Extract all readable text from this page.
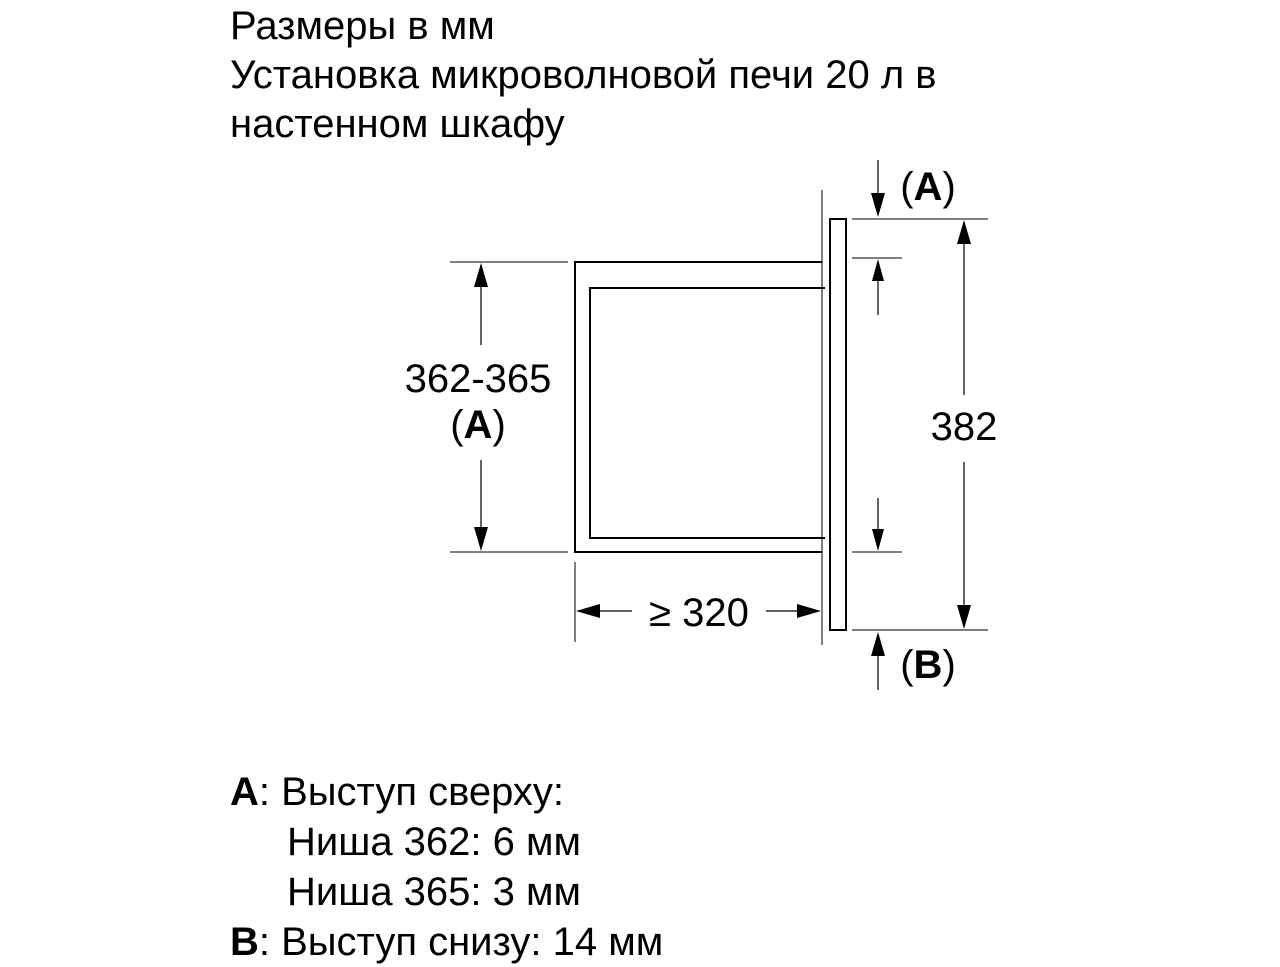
Размеры в мм
Установка микроволновой печи 20 л в
настенном шкафу
362-365
(A)	382
≥ 320
(A)
(B)
A: Выступ сверху:
Ниша 362: 6 мм
Ниша 365: 3 мм
B: Выступ снизу: 14 мм
